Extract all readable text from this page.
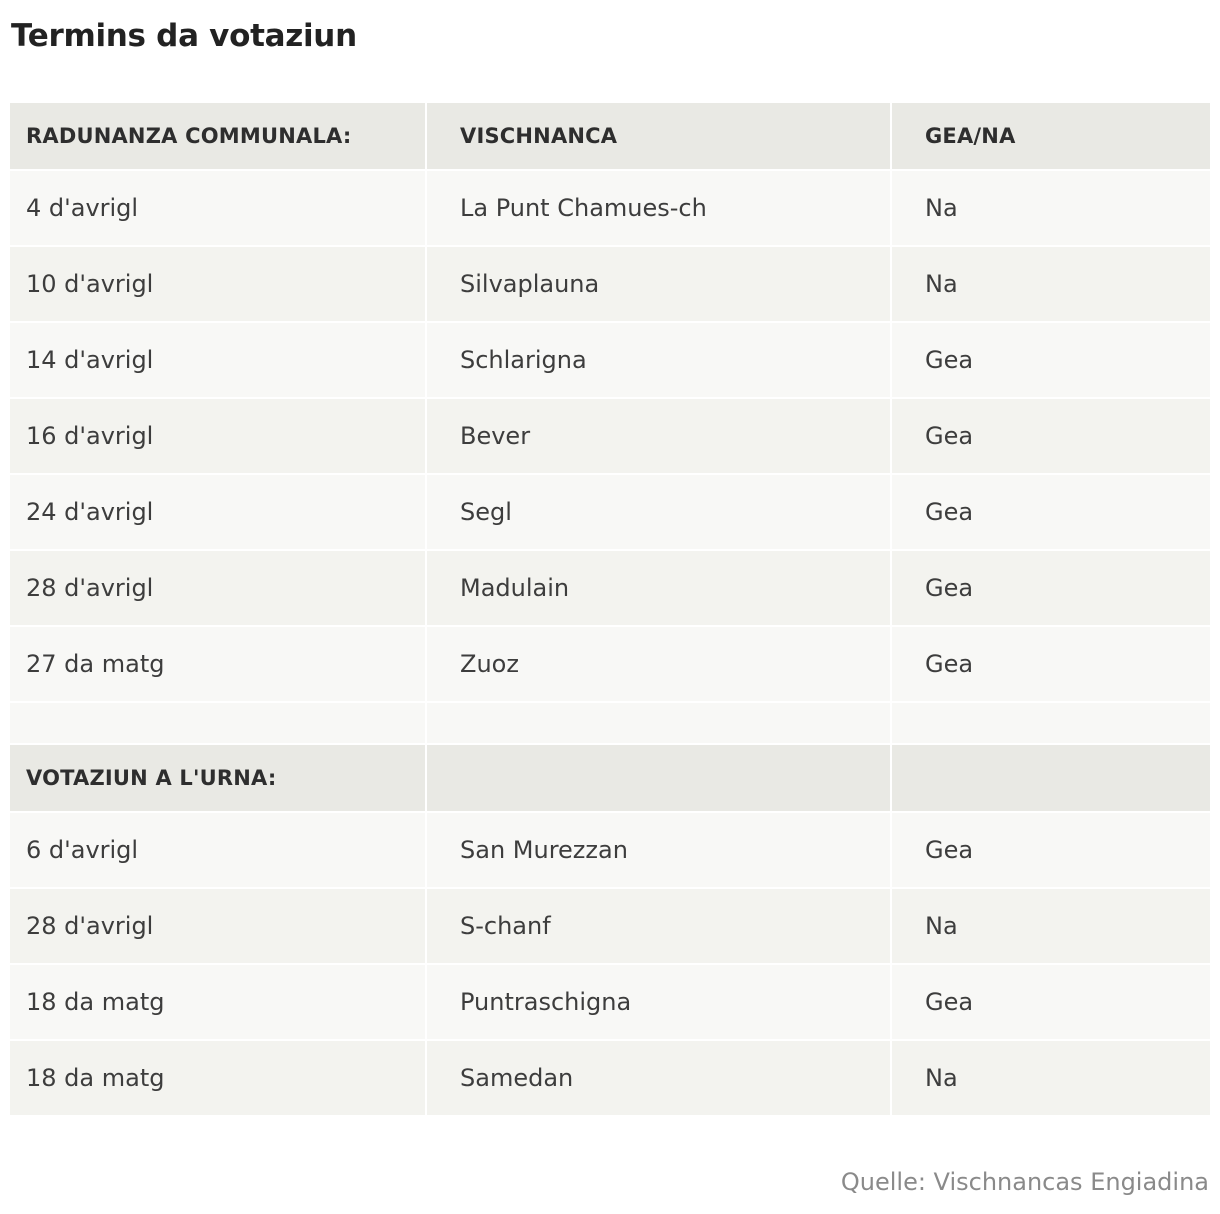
Termins da votaziun
RADUNANZA COMMUNALA:	VISCHNANCA	GEA/NA
4 d'avrigl	La Punt Chamues-ch	Na
10 d'avrigl	Silvaplauna	Na
14 d'avrigl	Schlarigna	Gea
16 d'avrigl	Bever	Gea
24 d'avrigl	Segl	Gea
28 d'avrigl	Madulain	Gea
27 da matg	Zuoz	Gea

VOTAZIUN A L'URNA:		
6 d'avrigl	San Murezzan	Gea
28 d'avrigl	S-chanf	Na
18 da matg	Puntraschigna	Gea
18 da matg	Samedan	Na

Quelle: Vischnancas Engiadina
